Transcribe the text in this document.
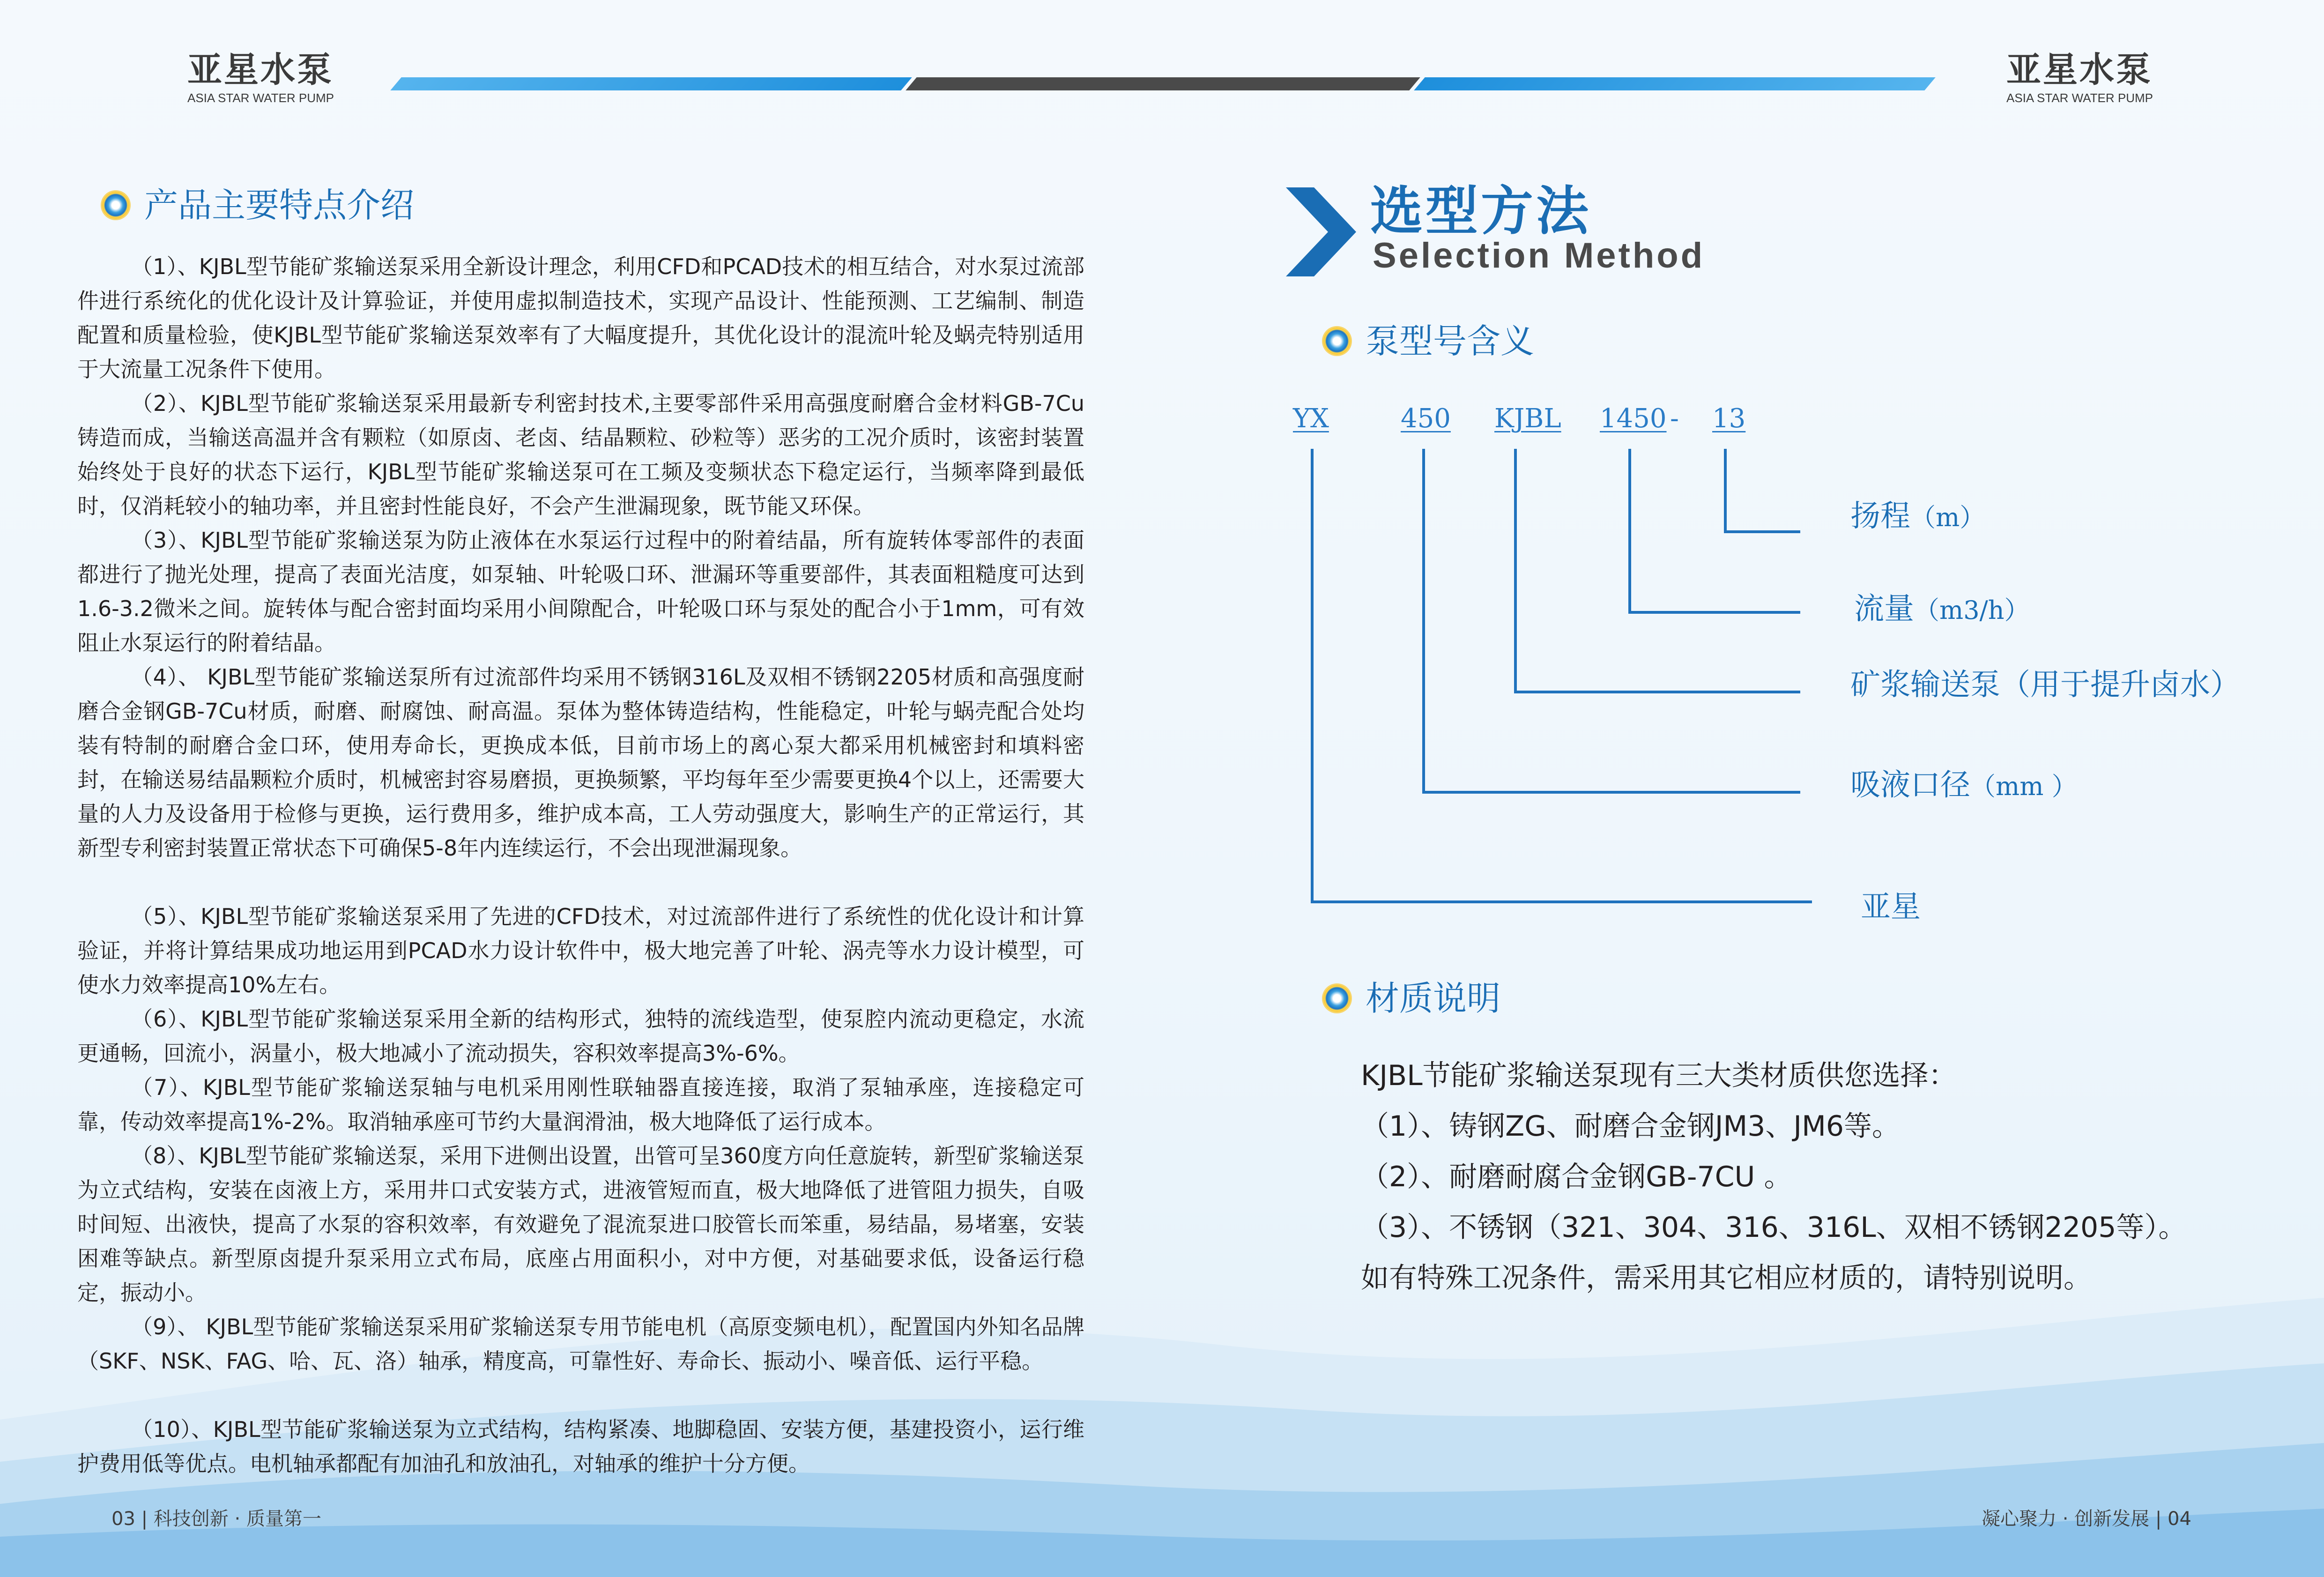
亚星水泵
ASIA STAR WATER PUMP
亚星水泵
ASIA STAR WATER PUMP
产品主要特点介绍
（1）、KJBL型节能矿浆输送泵采用全新设计理念，利用CFD和PCAD技术的相互结合，对水泵过流部件进行系统化的优化设计及计算验证，并使用虚拟制造技术，实现产品设计、性能预测、工艺编制、制造配置和质量检验，使KJBL型节能矿浆输送泵效率有了大幅度提升，其优化设计的混流叶轮及蜗壳特别适用于大流量工况条件下使用。
（2）、KJBL型节能矿浆输送泵采用最新专利密封技术,主要零部件采用高强度耐磨合金材料GB-7Cu铸造而成，当输送高温并含有颗粒（如原卤、老卤、结晶颗粒、砂粒等）恶劣的工况介质时，该密封装置始终处于良好的状态下运行，KJBL型节能矿浆输送泵可在工频及变频状态下稳定运行，当频率降到最低时，仅消耗较小的轴功率，并且密封性能良好，不会产生泄漏现象，既节能又环保。
（3）、KJBL型节能矿浆输送泵为防止液体在水泵运行过程中的附着结晶，所有旋转体零部件的表面都进行了抛光处理，提高了表面光洁度，如泵轴、叶轮吸口环、泄漏环等重要部件，其表面粗糙度可达到1.6-3.2微米之间。旋转体与配合密封面均采用小间隙配合，叶轮吸口环与泵处的配合小于1mm，可有效阻止水泵运行的附着结晶。
（4）、 KJBL型节能矿浆输送泵所有过流部件均采用不锈钢316L及双相不锈钢2205材质和高强度耐磨合金钢GB-7Cu材质，耐磨、耐腐蚀、耐高温。泵体为整体铸造结构，性能稳定，叶轮与蜗壳配合处均装有特制的耐磨合金口环，使用寿命长，更换成本低，目前市场上的离心泵大都采用机械密封和填料密封，在输送易结晶颗粒介质时，机械密封容易磨损，更换频繁，平均每年至少需要更换4个以上，还需要大量的人力及设备用于检修与更换，运行费用多，维护成本高，工人劳动强度大，影响生产的正常运行，其新型专利密封装置正常状态下可确保5-8年内连续运行，不会出现泄漏现象。
（5）、KJBL型节能矿浆输送泵采用了先进的CFD技术，对过流部件进行了系统性的优化设计和计算验证，并将计算结果成功地运用到PCAD水力设计软件中，极大地完善了叶轮、涡壳等水力设计模型，可使水力效率提高10%左右。
（6）、KJBL型节能矿浆输送泵采用全新的结构形式，独特的流线造型，使泵腔内流动更稳定，水流更通畅，回流小，涡量小，极大地减小了流动损失，容积效率提高3%-6%。
（7）、KJBL型节能矿浆输送泵轴与电机采用刚性联轴器直接连接，取消了泵轴承座，连接稳定可靠，传动效率提高1%-2%。取消轴承座可节约大量润滑油，极大地降低了运行成本。
（8）、KJBL型节能矿浆输送泵，采用下进侧出设置，出管可呈360度方向任意旋转，新型矿浆输送泵为立式结构，安装在卤液上方，采用井口式安装方式，进液管短而直，极大地降低了进管阻力损失，自吸时间短、出液快，提高了水泵的容积效率，有效避免了混流泵进口胶管长而笨重，易结晶，易堵塞，安装困难等缺点。新型原卤提升泵采用立式布局，底座占用面积小，对中方便，对基础要求低，设备运行稳定，振动小。
（9）、 KJBL型节能矿浆输送泵采用矿浆输送泵专用节能电机（高原变频电机），配置国内外知名品牌（SKF、NSK、FAG、哈、瓦、洛）轴承，精度高，可靠性好、寿命长、振动小、噪音低、运行平稳。
（10）、KJBL型节能矿浆输送泵为立式结构，结构紧凑、地脚稳固、安装方便，基建投资小，运行维护费用低等优点。电机轴承都配有加油孔和放油孔，对轴承的维护十分方便。
选型方法
Selection Method
泵型号含义
YX	450 KJBL 1450 - 13
扬程（m）
流量（m3/h）
矿浆输送泵（用于提升卤水）
吸液口径（mm ）
亚星
材质说明
KJBL节能矿浆输送泵现有三大类材质供您选择：
（1）、铸钢ZG、耐磨合金钢JM3、JM6等。
（2）、耐磨耐腐合金钢GB-7CU 。
（3）、不锈钢（321、304、316、316L、双相不锈钢2205等）。
如有特殊工况条件，需采用其它相应材质的，请特别说明。
03 | 科技创新 · 质量第一	凝心聚力 · 创新发展 | 04
